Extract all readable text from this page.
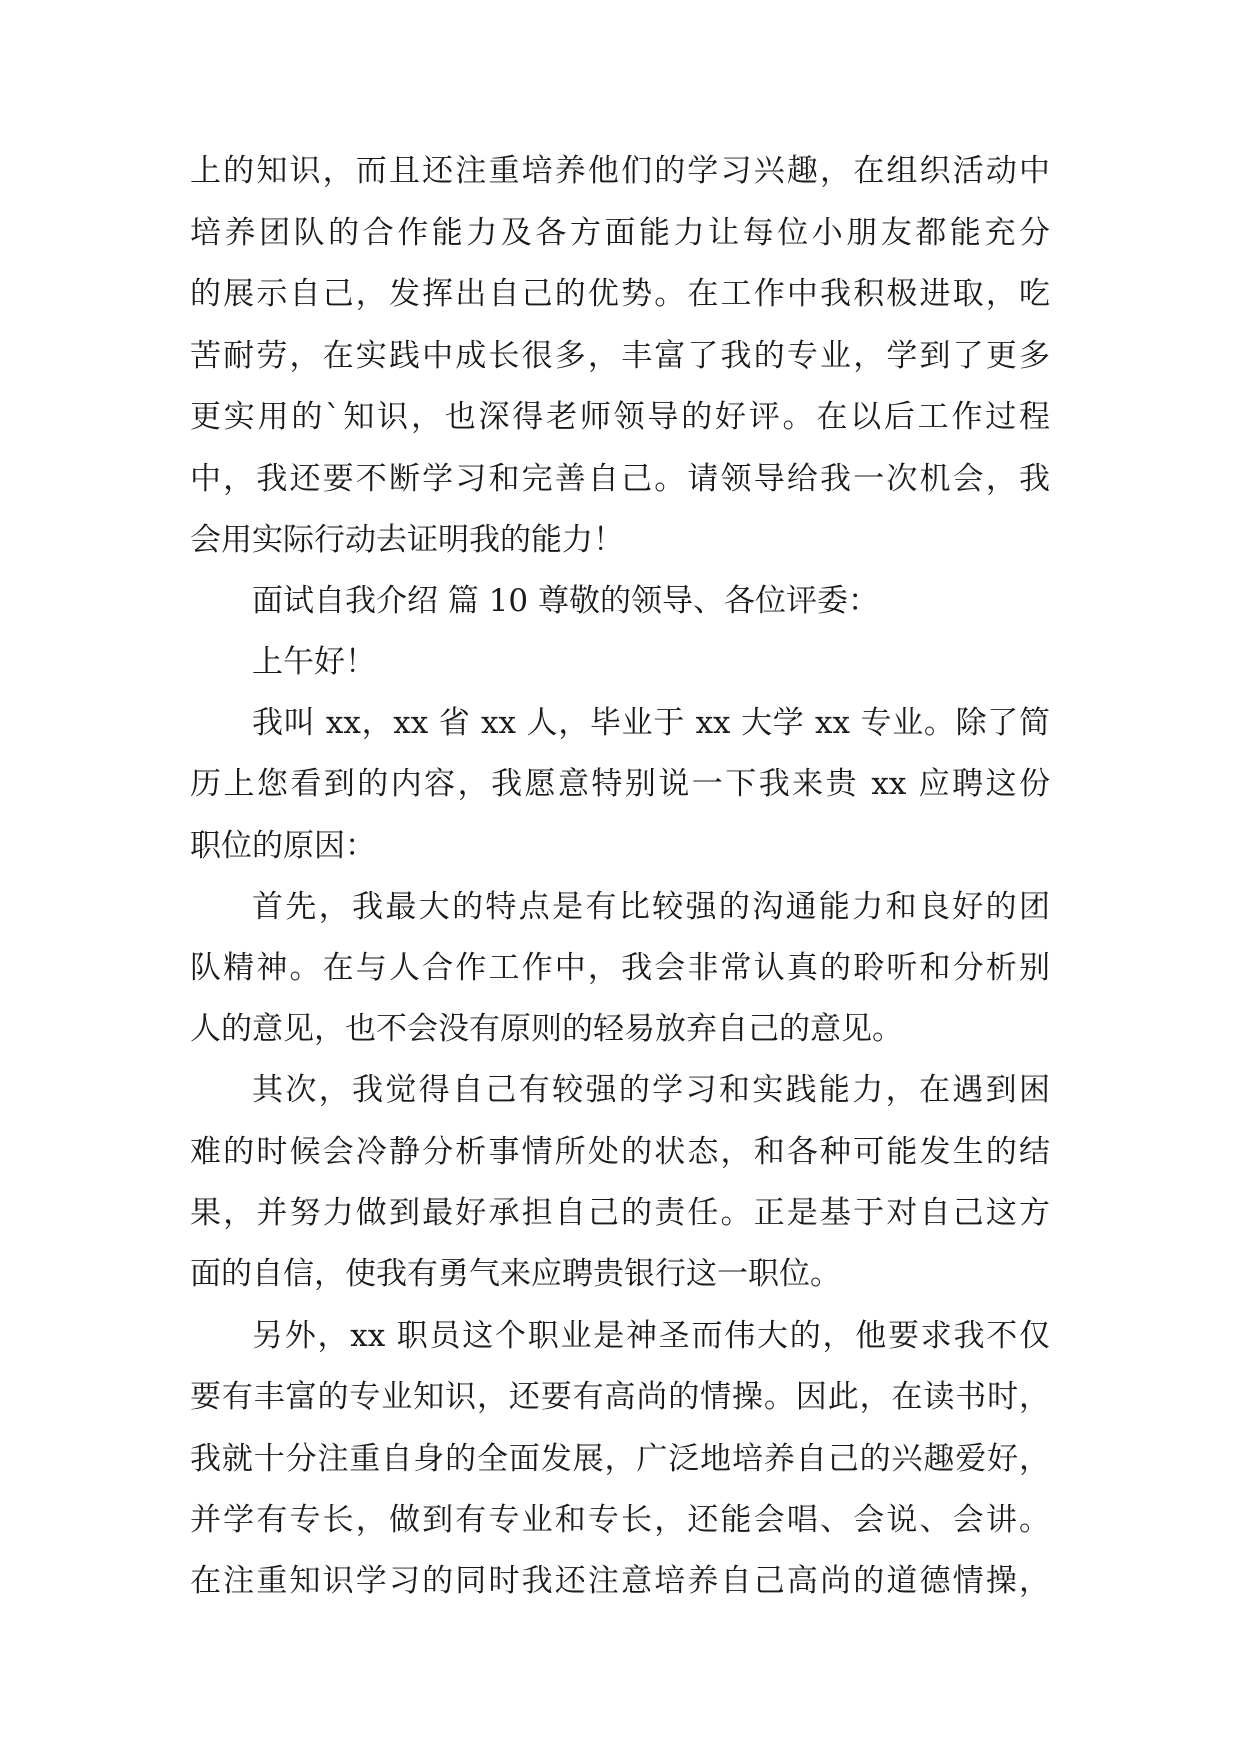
上的知识，而且还注重培养他们的学习兴趣，在组织活动中
培养团队的合作能力及各方面能力让每位小朋友都能充分
的展示自己，发挥出自己的优势。在工作中我积极进取，吃
苦耐劳，在实践中成长很多，丰富了我的专业，学到了更多
更实用的`知识，也深得老师领导的好评。在以后工作过程
中，我还要不断学习和完善自己。请领导给我一次机会，我
会用实际行动去证明我的能力！
面试自我介绍 篇 10 尊敬的领导、各位评委：
上午好！
我叫 xx，xx 省 xx 人，毕业于 xx 大学 xx 专业。除了简
历上您看到的内容，我愿意特别说一下我来贵 xx 应聘这份
职位的原因：
首先，我最大的特点是有比较强的沟通能力和良好的团
队精神。在与人合作工作中，我会非常认真的聆听和分析别
人的意见，也不会没有原则的轻易放弃自己的意见。
其次，我觉得自己有较强的学习和实践能力，在遇到困
难的时候会冷静分析事情所处的状态，和各种可能发生的结
果，并努力做到最好承担自己的责任。正是基于对自己这方
面的自信，使我有勇气来应聘贵银行这一职位。
另外，xx 职员这个职业是神圣而伟大的，他要求我不仅
要有丰富的专业知识，还要有高尚的情操。因此，在读书时，
我就十分注重自身的全面发展，广泛地培养自己的兴趣爱好，
并学有专长，做到有专业和专长，还能会唱、会说、会讲。
在注重知识学习的同时我还注意培养自己高尚的道德情操，
